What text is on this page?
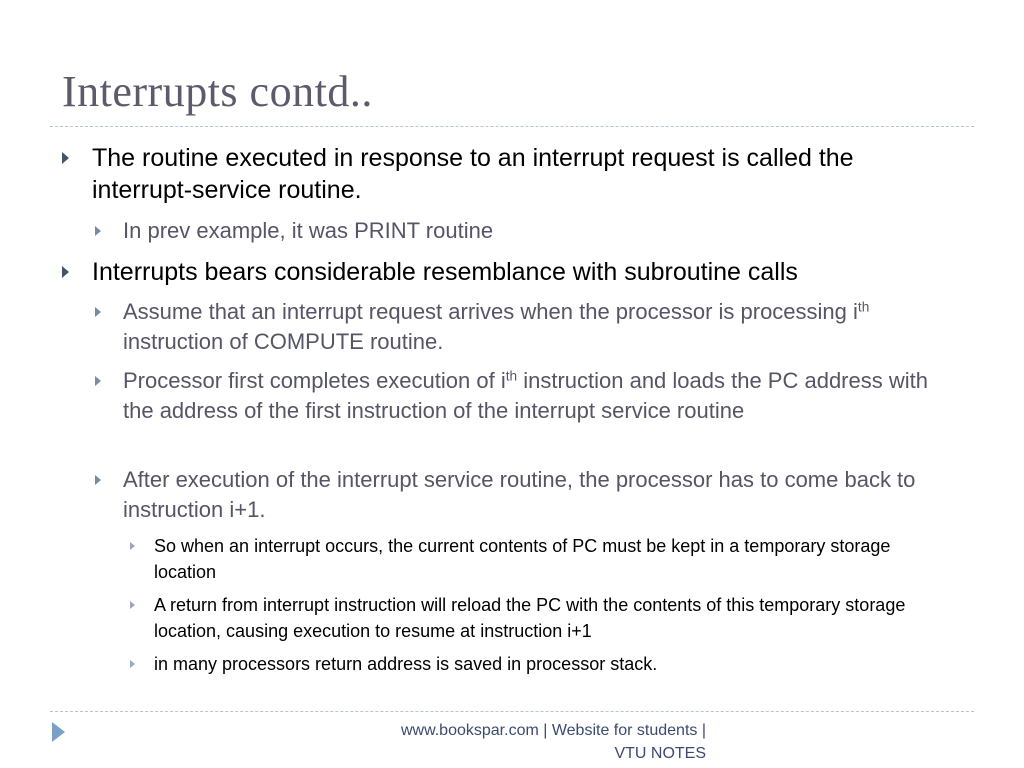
Interrupts contd..
The routine executed in response to an interrupt request is called the interrupt-service routine.
In prev example, it was PRINT routine
Interrupts bears considerable resemblance with subroutine calls
Assume that an interrupt request arrives when the processor is processing $i^{th}$ instruction of COMPUTE routine.
Processor first completes execution of $i^{th}$ instruction and loads the PC address with the address of the first instruction of the interrupt service routine
After execution of the interrupt service routine, the processor has to come back to instruction i+1.
So when an interrupt occurs, the current contents of PC must be kept in a temporary storage location
A return from interrupt instruction will reload the PC with the contents of this temporary storage location, causing execution to resume at instruction i+1
in many processors return address is saved in processor stack.
www.bookspar.com | Website for students |
VTU NOTES
